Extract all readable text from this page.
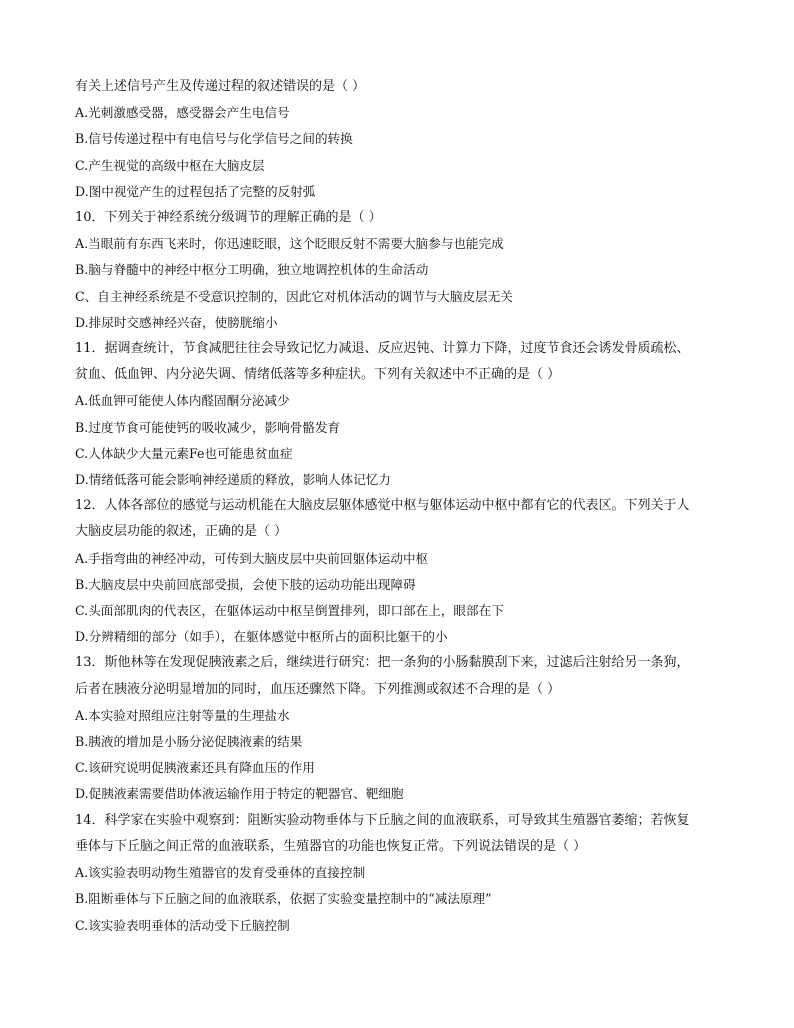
有关上述信号产生及传递过程的叙述错误的是（ ）
A.光刺激感受器，感受器会产生电信号
B.信号传递过程中有电信号与化学信号之间的转换
C.产生视觉的高级中枢在大脑皮层
D.图中视觉产生的过程包括了完整的反射弧
10．下列关于神经系统分级调节的理解正确的是（ ）
A.当眼前有东西飞来时，你迅速眨眼，这个眨眼反射不需要大脑参与也能完成
B.脑与脊髓中的神经中枢分工明确，独立地调控机体的生命活动
C、自主神经系统是不受意识控制的，因此它对机体活动的调节与大脑皮层无关
D.排尿时交感神经兴奋，使膀胱缩小
11．据调查统计，节食减肥往往会导致记忆力减退、反应迟钝、计算力下降，过度节食还会诱发骨质疏松、
贫血、低血钾、内分泌失调、情绪低落等多种症状。下列有关叙述中不正确的是（ ）
A.低血钾可能使人体内醛固酮分泌减少
B.过度节食可能使钙的吸收减少，影响骨骼发育
C.人体缺少大量元素Fe也可能患贫血症
D.情绪低落可能会影响神经递质的释放，影响人体记忆力
12．人体各部位的感觉与运动机能在大脑皮层躯体感觉中枢与躯体运动中枢中都有它的代表区。下列关于人
大脑皮层功能的叙述，正确的是（ ）
A.手指弯曲的神经冲动，可传到大脑皮层中央前回躯体运动中枢
B.大脑皮层中央前回底部受损，会使下肢的运动功能出现障碍
C.头面部肌肉的代表区，在躯体运动中枢呈倒置排列，即口部在上，眼部在下
D.分辨精细的部分（如手），在躯体感觉中枢所占的面积比躯干的小
13．斯他林等在发现促胰液素之后，继续进行研究：把一条狗的小肠黏膜刮下来，过滤后注射给另一条狗，
后者在胰液分泌明显增加的同时，血压还骤然下降。下列推测或叙述不合理的是（ ）
A.本实验对照组应注射等量的生理盐水
B.胰液的增加是小肠分泌促胰液素的结果
C.该研究说明促胰液素还具有降血压的作用
D.促胰液素需要借助体液运输作用于特定的靶器官、靶细胞
14．科学家在实验中观察到：阻断实验动物垂体与下丘脑之间的血液联系，可导致其生殖器官萎缩；若恢复
垂体与下丘脑之间正常的血液联系，生殖器官的功能也恢复正常。下列说法错误的是（ ）
A.该实验表明动物生殖器官的发育受垂体的直接控制
B.阻断垂体与下丘脑之间的血液联系，依据了实验变量控制中的“减法原理”
C.该实验表明垂体的活动受下丘脑控制
